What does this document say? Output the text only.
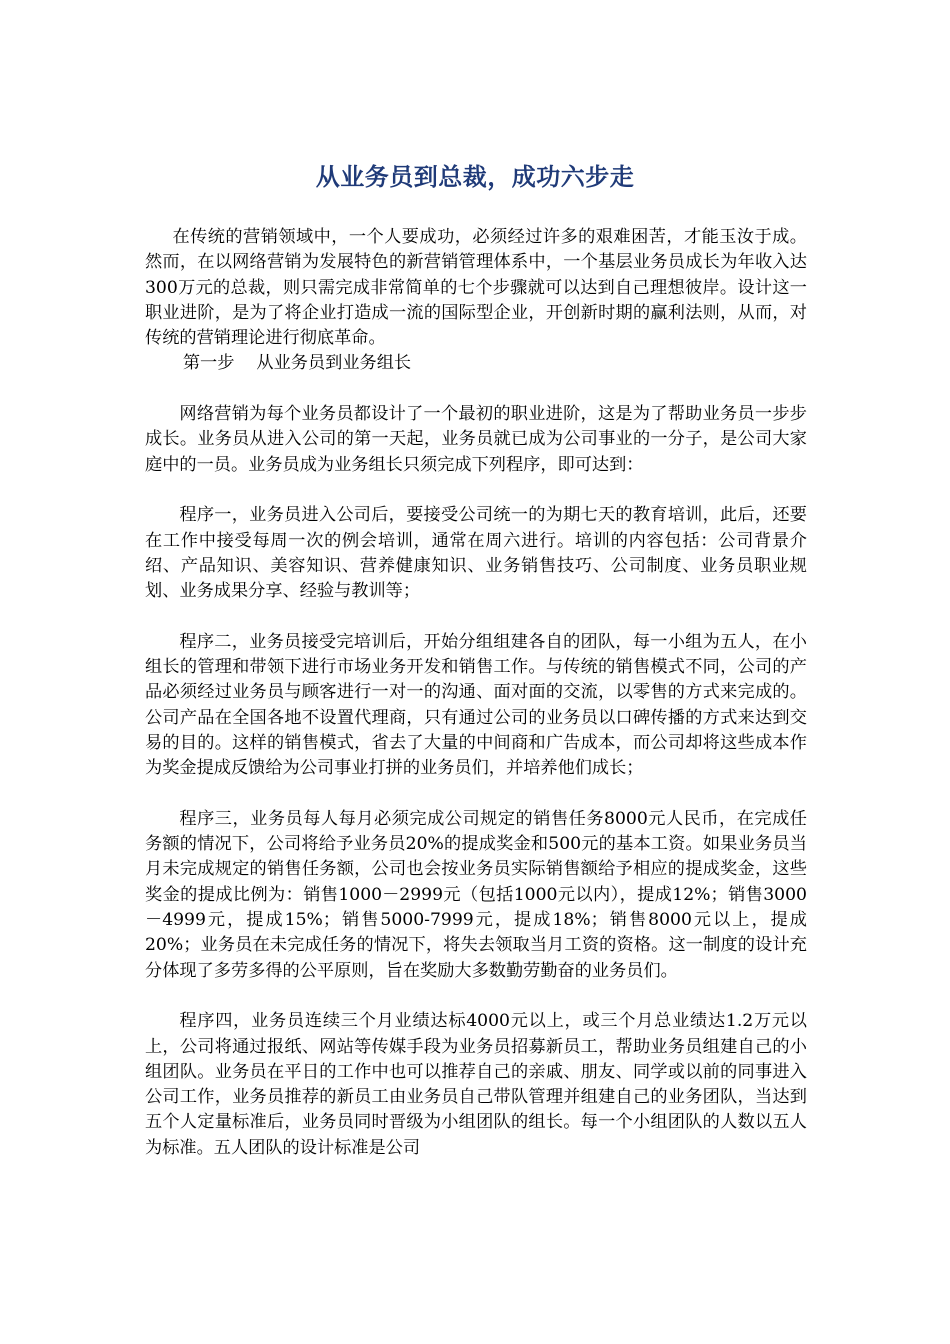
从业务员到总裁，成功六步走

在传统的营销领域中，一个人要成功，必须经过许多的艰难困苦，才能玉汝于成。然而，在以网络营销为发展特色的新营销管理体系中，一个基层业务员成长为年收入达300万元的总裁，则只需完成非常简单的七个步骤就可以达到自己理想彼岸。设计这一职业进阶，是为了将企业打造成一流的国际型企业，开创新时期的赢利法则，从而，对传统的营销理论进行彻底革命。

第一步 从业务员到业务组长

网络营销为每个业务员都设计了一个最初的职业进阶，这是为了帮助业务员一步步成长。业务员从进入公司的第一天起，业务员就已成为公司事业的一分子，是公司大家庭中的一员。业务员成为业务组长只须完成下列程序，即可达到：

程序一，业务员进入公司后，要接受公司统一的为期七天的教育培训，此后，还要在工作中接受每周一次的例会培训，通常在周六进行。培训的内容包括：公司背景介绍、产品知识、美容知识、营养健康知识、业务销售技巧、公司制度、业务员职业规划、业务成果分享、经验与教训等；

程序二，业务员接受完培训后，开始分组组建各自的团队，每一小组为五人，在小组长的管理和带领下进行市场业务开发和销售工作。与传统的销售模式不同，公司的产品必须经过业务员与顾客进行一对一的沟通、面对面的交流，以零售的方式来完成的。公司产品在全国各地不设置代理商，只有通过公司的业务员以口碑传播的方式来达到交易的目的。这样的销售模式，省去了大量的中间商和广告成本，而公司却将这些成本作为奖金提成反馈给为公司事业打拼的业务员们，并培养他们成长；

程序三，业务员每人每月必须完成公司规定的销售任务8000元人民币，在完成任务额的情况下，公司将给予业务员20%的提成奖金和500元的基本工资。如果业务员当月未完成规定的销售任务额，公司也会按业务员实际销售额给予相应的提成奖金，这些奖金的提成比例为：销售1000－2999元（包括1000元以内），提成12%；销售3000－4999元，提成15%；销售5000-7999元，提成18%；销售8000元以上，提成20%；业务员在未完成任务的情况下，将失去领取当月工资的资格。这一制度的设计充分体现了多劳多得的公平原则，旨在奖励大多数勤劳勤奋的业务员们。

程序四，业务员连续三个月业绩达标4000元以上，或三个月总业绩达1.2万元以上，公司将通过报纸、网站等传媒手段为业务员招募新员工，帮助业务员组建自己的小组团队。业务员在平日的工作中也可以推荐自己的亲戚、朋友、同学或以前的同事进入公司工作，业务员推荐的新员工由业务员自己带队管理并组建自己的业务团队，当达到五个人定量标准后，业务员同时晋级为小组团队的组长。每一个小组团队的人数以五人为标准。五人团队的设计标准是公司
